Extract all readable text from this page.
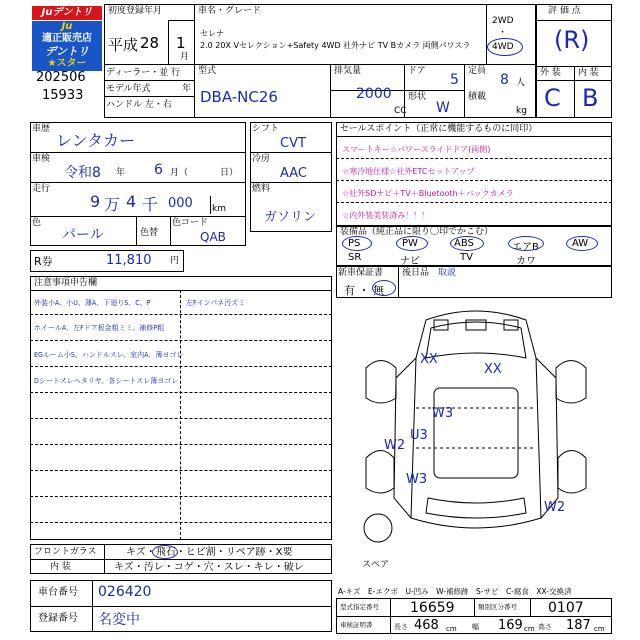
Juデントリ
Ju
適正販売店
デントリ
★スター
202506
15933
初度登録年月
平成 28 1
月
車名・グレード
セレナ
2.0 20X Vセレクション+Safety 4WD 社外ナビ TV Bカメラ 両側パワスラ
2WD
・
4WD
評 価 点
(R)
外 装 内 装
C B
ディーラー・並 行
モデル年式	年
ハンドル 左・右
型式
DBA-NC26
排気量
2000
CC
ドア
5
形状
W
定員
8 人
積載
kg
車歴
レンタカー
車検
令和8 年 6 月（	日）
走行
9 万 4 千 000 km
色
パール	色替
色コード
QAB
シフト
CVT
冷房
AAC
燃料
ガソリン
セールスポイント（正常に機能するものに同印）
スマートキー☆パワースライドドア(両側)
☆寒冷地仕様☆社外ETCセットアップ
☆社外SDナビ＋TV＋Bluetooth＋バックカメラ
☆内外装美装済み！！！
装備品（純正品に限り〇印でかこむ）
PS	PW	ABS	エアB	AW
SR	ナビ	TV	カワ
新車保証書
有 ・ 無
後日品 取説
R券	11,810 円
注意事項申告欄
外装小A、小U、薄A、下廻りS、C、P
ホイールA、左Fドア板金粗ミミ、補修P粗
EGルーム小S、ハンドルスレ、室内A、薄ヨゴレ
Dシートスレヘタリヤ、各シートスレ薄ヨゴレ
左Fインパネ汚ズミ
XX
XX
W3
U3
W2
W3
W2
スペア
フロントガラス	キズ・飛石・ヒビ割・リペア跡・X要
内 装	キズ・汚レ・コゲ・穴・スレ・キレ・破レ
A-キズ　E-エクボ　U-凹み　W-補修跡　S-サビ　C-腐食　XX-交換済
車台番号 026420
登録番号 名変中
型式指定番号 16659	類別区分番号 0107
車検証明書	長さ 468 cm 幅 169 cm 高さ 187 cm
